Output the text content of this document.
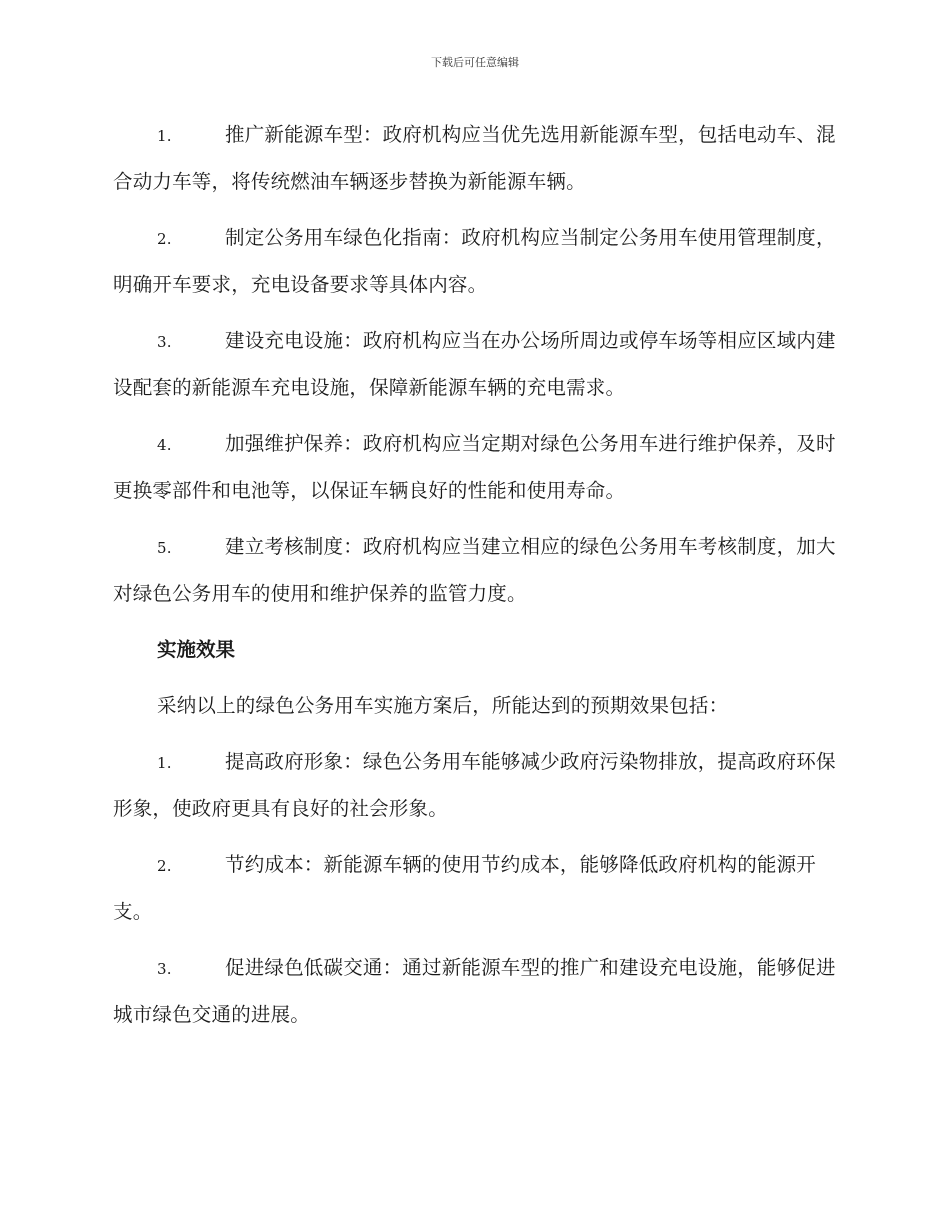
下载后可任意编辑

1.	推广新能源车型：政府机构应当优先选用新能源车型，包括电动车、混合动力车等，将传统燃油车辆逐步替换为新能源车辆。

2.	制定公务用车绿色化指南：政府机构应当制定公务用车使用管理制度，明确开车要求，充电设备要求等具体内容。

3.	建设充电设施：政府机构应当在办公场所周边或停车场等相应区域内建设配套的新能源车充电设施，保障新能源车辆的充电需求。

4.	加强维护保养：政府机构应当定期对绿色公务用车进行维护保养，及时更换零部件和电池等，以保证车辆良好的性能和使用寿命。

5.	建立考核制度：政府机构应当建立相应的绿色公务用车考核制度，加大对绿色公务用车的使用和维护保养的监管力度。

实施效果

采纳以上的绿色公务用车实施方案后，所能达到的预期效果包括：

1.	提高政府形象：绿色公务用车能够减少政府污染物排放，提高政府环保形象，使政府更具有良好的社会形象。

2.	节约成本：新能源车辆的使用节约成本，能够降低政府机构的能源开支。

3.	促进绿色低碳交通：通过新能源车型的推广和建设充电设施，能够促进城市绿色交通的进展。
